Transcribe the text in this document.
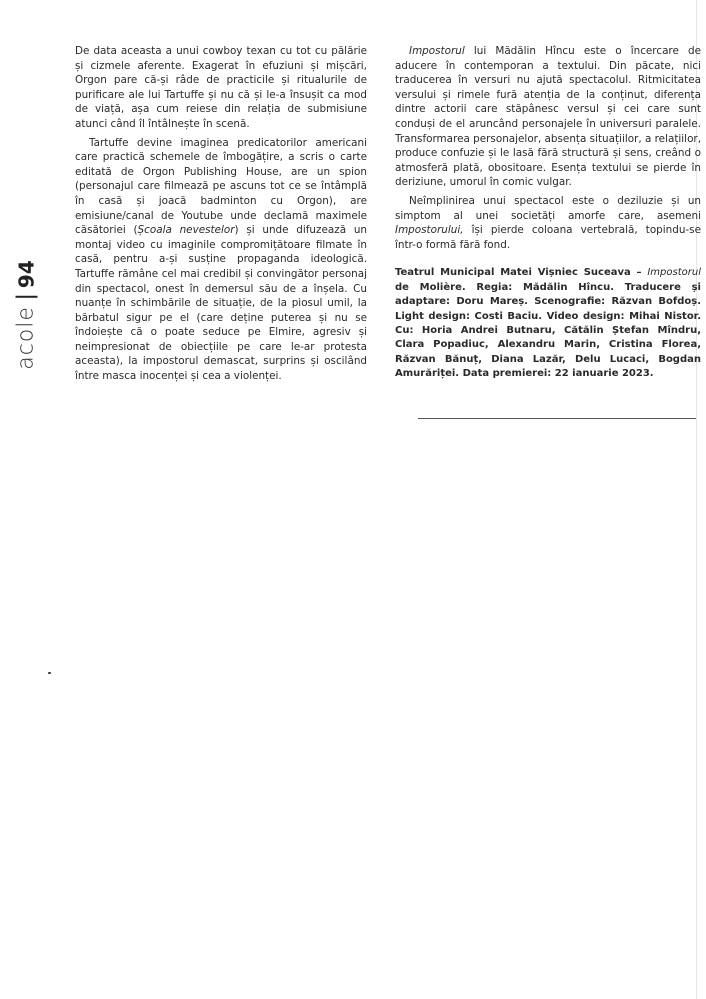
acole
94

De data aceasta a unui cowboy texan cu tot cu pălărie și cizmele aferente. Exagerat în efuziuni și mișcări, Orgon pare că-și râde de practicile și ritualurile de purificare ale lui Tartuffe și nu că și le-a însușit ca mod de viață, așa cum reiese din relația de submisiune atunci când îl întâlnește în scenă.

Tartuffe devine imaginea predicatorilor americani care practică schemele de îmbogățire, a scris o carte editată de Orgon Publishing House, are un spion (personajul care filmează pe ascuns tot ce se întâmplă în casă și joacă badminton cu Orgon), are emisiune/canal de Youtube unde declamă maximele căsătoriei (Școala nevestelor) și unde difuzează un montaj video cu imaginile compromițătoare filmate în casă, pentru a-și susține propaganda ideologică. Tartuffe rămâne cel mai credibil și convingător personaj din spectacol, onest în demersul său de a înșela. Cu nuanțe în schimbările de situație, de la piosul umil, la bărbatul sigur pe el (care deține puterea și nu se îndoiește că o poate seduce pe Elmire, agresiv și neimpresionat de obiecțiile pe care le-ar protesta aceasta), la impostorul demascat, surprins și oscilând între masca inocenței și cea a violenței.

Impostorul lui Mădălin Hîncu este o încercare de aducere în contemporan a textului. Din păcate, nici traducerea în versuri nu ajută spectacolul. Ritmicitatea versului și rimele fură atenția de la conținut, diferența dintre actorii care stăpânesc versul și cei care sunt conduși de el aruncând personajele în universuri paralele. Transformarea personajelor, absența situațiilor, a relațiilor, produce confuzie și le lasă fără structură și sens, creând o atmosferă plată, obositoare. Esența textului se pierde în deriziune, umorul în comic vulgar.

Neîmplinirea unui spectacol este o deziluzie și un simptom al unei societăți amorfe care, asemeni Impostorului, își pierde coloana vertebrală, topindu-se într-o formă fără fond.

Teatrul Municipal Matei Vișniec Suceava – Impostorul de Molière. Regia: Mădălin Hîncu. Traducere și adaptare: Doru Mareș. Scenografie: Răzvan Bofdoș. Light design: Costi Baciu. Video design: Mihai Nistor. Cu: Horia Andrei Butnaru, Cătălin Ștefan Mîndru, Clara Popadiuc, Alexandru Marin, Cristina Florea, Răzvan Bănuț, Diana Lazăr, Delu Lucaci, Bogdan Amurăriței. Data premierei: 22 ianuarie 2023.
